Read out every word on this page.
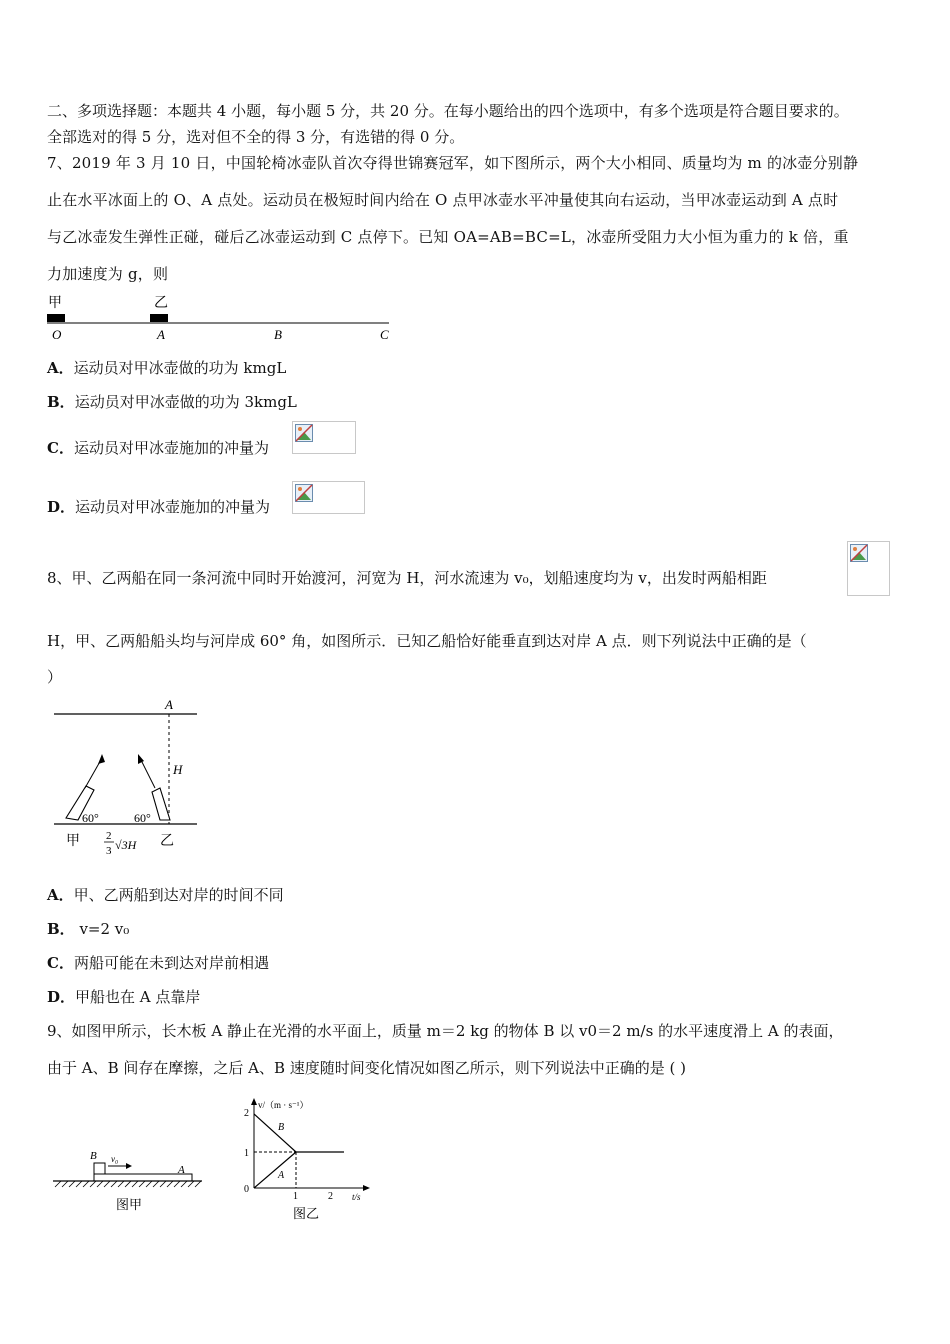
二、多项选择题：本题共 4 小题，每小题 5 分，共 20 分。在每小题给出的四个选项中，有多个选项是符合题目要求的。
全部选对的得 5 分，选对但不全的得 3 分，有选错的得 0 分。
7、2019 年 3 月 10 日，中国轮椅冰壶队首次夺得世锦赛冠军，如下图所示，两个大小相同、质量均为 m 的冰壶分别静
止在水平冰面上的 O、A 点处。运动员在极短时间内给在 O 点甲冰壶水平冲量使其向右运动，当甲冰壶运动到 A 点时
与乙冰壶发生弹性正碰，碰后乙冰壶运动到 C 点停下。已知 OA=AB=BC=L，冰壶所受阻力大小恒为重力的 k 倍，重
力加速度为 g，则
甲	乙
O	A	B	C
A．运动员对甲冰壶做的功为 kmgL
B．运动员对甲冰壶做的功为 3kmgL
C．运动员对甲冰壶施加的冲量为
D．运动员对甲冰壶施加的冲量为
8、甲、乙两船在同一条河流中同时开始渡河，河宽为 H，河水流速为 v₀，划船速度均为 v，出发时两船相距
H，甲、乙两船船头均与河岸成 60° 角，如图所示．已知乙船恰好能垂直到达对岸 A 点．则下列说法中正确的是（
）
A
H
60°	60°
甲	乙
2
3 √3H
A．甲、乙两船到达对岸的时间不同
B． v=2 v₀
C．两船可能在未到达对岸前相遇
D．甲船也在 A 点靠岸
9、如图甲所示，长木板 A 静止在光滑的水平面上，质量 m＝2 kg 的物体 B 以 v0＝2 m/s 的水平速度滑上 A 的表面，
由于 A、B 间存在摩擦，之后 A、B 速度随时间变化情况如图乙所示，则下列说法中正确的是 ( )
B v₀
A
图甲
v/（m · s⁻¹）
t/s
2
1
0
1	2
B
A
图乙
